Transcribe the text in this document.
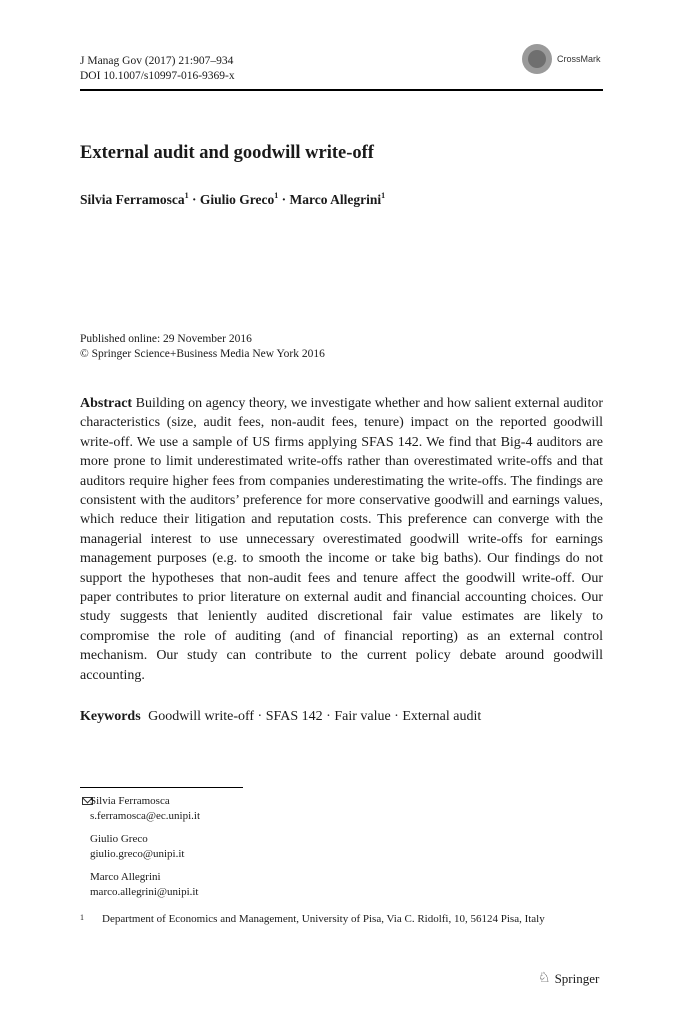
J Manag Gov (2017) 21:907–934
DOI 10.1007/s10997-016-9369-x
CrossMark
External audit and goodwill write-off
Silvia Ferramosca$^1$ · Giulio Greco$^1$ · Marco Allegrini$^1$
Published online: 29 November 2016
© Springer Science+Business Media New York 2016
Abstract Building on agency theory, we investigate whether and how salient external auditor characteristics (size, audit fees, non-audit fees, tenure) impact on the reported goodwill write-off. We use a sample of US firms applying SFAS 142. We find that Big-4 auditors are more prone to limit underestimated write-offs rather than overestimated write-offs and that auditors require higher fees from companies underestimating the write-offs. The findings are consistent with the auditors’ preference for more conservative goodwill and earnings values, which reduce their litigation and reputation costs. This preference can converge with the managerial interest to use unnecessary overestimated goodwill write-offs for earnings management purposes (e.g. to smooth the income or take big baths). Our findings do not support the hypotheses that non-audit fees and tenure affect the goodwill write-off. Our paper contributes to prior literature on external audit and financial accounting choices. Our study suggests that leniently audited discretional fair value estimates are likely to compromise the role of auditing (and of financial reporting) as an external control mechanism. Our study can contribute to the current policy debate around goodwill accounting.
Keywords Goodwill write-off · SFAS 142 · Fair value · External audit
Silvia Ferramosca
s.ferramosca@ec.unipi.it
Giulio Greco
giulio.greco@unipi.it
Marco Allegrini
marco.allegrini@unipi.it
1 Department of Economics and Management, University of Pisa, Via C. Ridolfi, 10, 56124 Pisa, Italy
♘ Springer
